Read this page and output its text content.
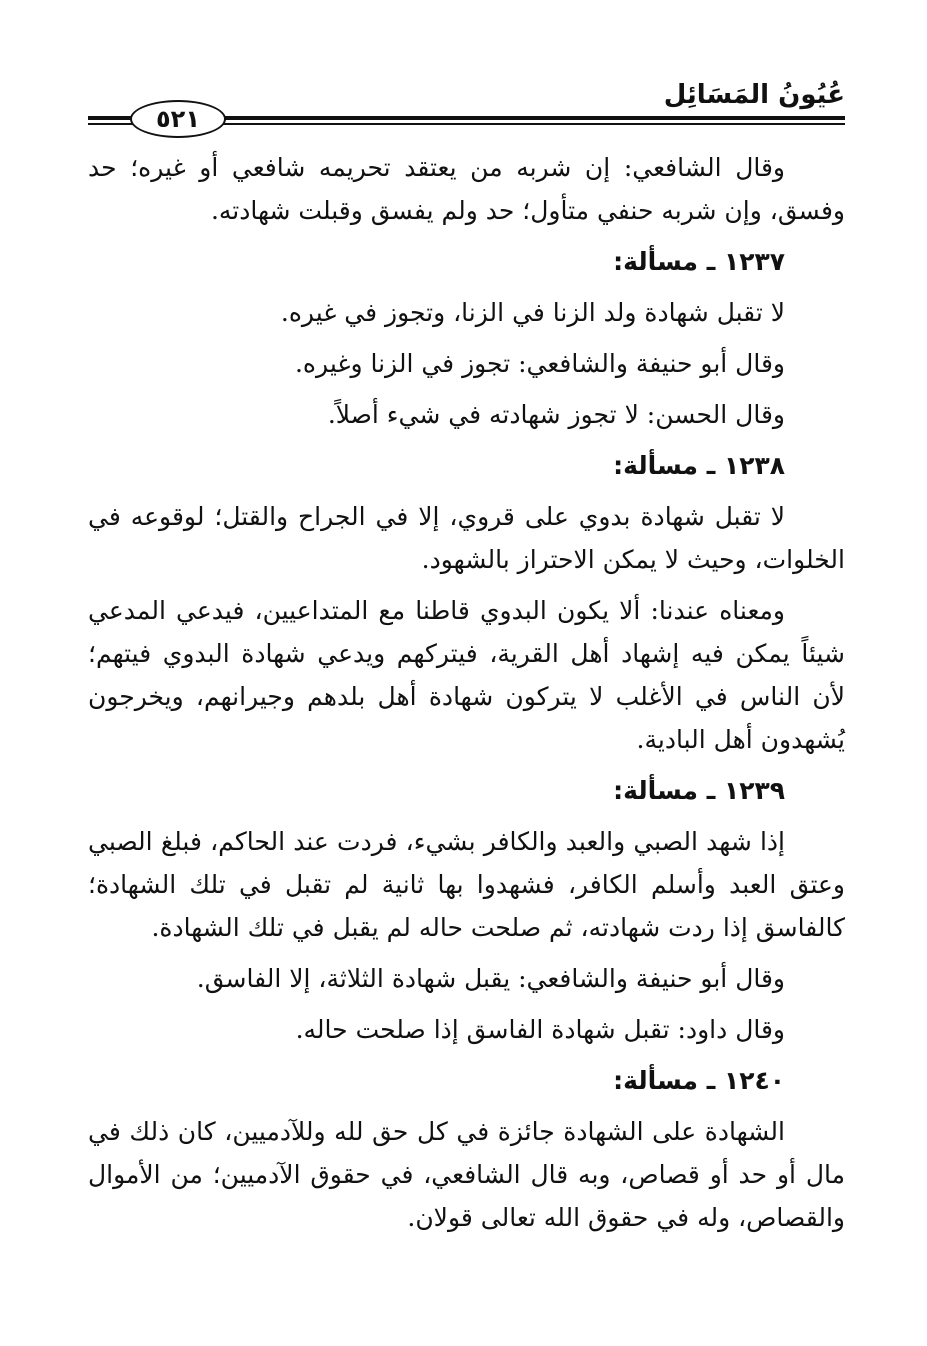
عُيُونُ المَسَائِل
٥٢١

وقال الشافعي: إن شربه من يعتقد تحريمه شافعي أو غيره؛ حد وفسق، وإن شربه حنفي متأول؛ حد ولم يفسق وقبلت شهادته.

١٢٣٧ ـ مسألة:

لا تقبل شهادة ولد الزنا في الزنا، وتجوز في غيره.

وقال أبو حنيفة والشافعي: تجوز في الزنا وغيره.

وقال الحسن: لا تجوز شهادته في شيء أصلاً.

١٢٣٨ ـ مسألة:

لا تقبل شهادة بدوي على قروي، إلا في الجراح والقتل؛ لوقوعه في الخلوات، وحيث لا يمكن الاحتراز بالشهود.

ومعناه عندنا: ألا يكون البدوي قاطنا مع المتداعيين، فيدعي المدعي شيئاً يمكن فيه إشهاد أهل القرية، فيتركهم ويدعي شهادة البدوي فيتهم؛ لأن الناس في الأغلب لا يتركون شهادة أهل بلدهم وجيرانهم، ويخرجون يُشهدون أهل البادية.

١٢٣٩ ـ مسألة:

إذا شهد الصبي والعبد والكافر بشيء، فردت عند الحاكم، فبلغ الصبي وعتق العبد وأسلم الكافر، فشهدوا بها ثانية لم تقبل في تلك الشهادة؛ كالفاسق إذا ردت شهادته، ثم صلحت حاله لم يقبل في تلك الشهادة.

وقال أبو حنيفة والشافعي: يقبل شهادة الثلاثة، إلا الفاسق.

وقال داود: تقبل شهادة الفاسق إذا صلحت حاله.

١٢٤٠ ـ مسألة:

الشهادة على الشهادة جائزة في كل حق لله وللآدميين، كان ذلك في مال أو حد أو قصاص، وبه قال الشافعي، في حقوق الآدميين؛ من الأموال والقصاص، وله في حقوق الله تعالى قولان.
